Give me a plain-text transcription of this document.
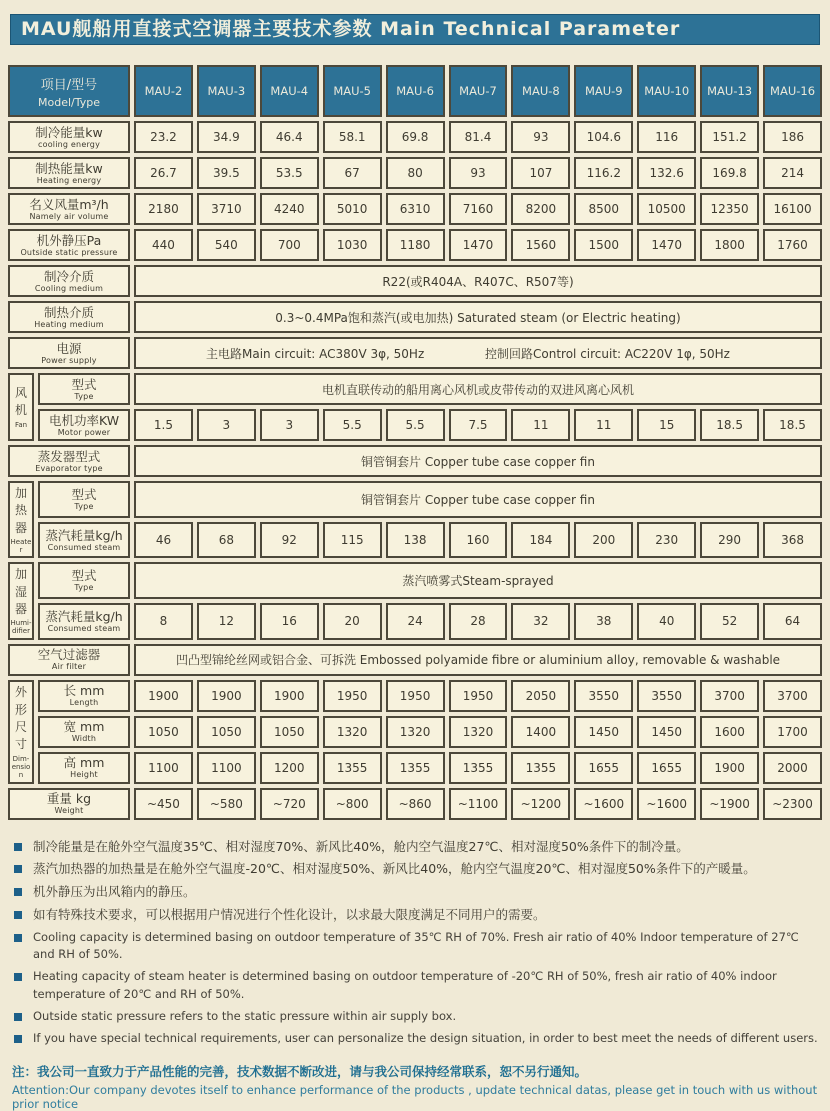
MAU舰船用直接式空调器主要技术参数 Main Technical Parameter
项目/型号
Model/Type		MAU-2	MAU-3	MAU-4	MAU-5	MAU-6	MAU-7	MAU-8	MAU-9	MAU-10	MAU-13	MAU-16

制冷能量kw
cooling energy		23.2	34.9	46.4	58.1	69.8	81.4	93	104.6	116	151.2	186

制热能量kw
Heating energy		26.7	39.5	53.5	67	80	93	107	116.2	132.6	169.8	214

名义风量m³/h
Namely air volume		2180	3710	4240	5010	6310	7160	8200	8500	10500	12350	16100

机外静压Pa
Outside static pressure		440	540	700	1030	1180	1470	1560	1500	1470	1800	1760

制冷介质
Cooling medium		R22(或R404A、R407C、R507等)										

制热介质
Heating medium		0.3~0.4MPa饱和蒸汽(或电加热) Saturated steam (or Electric heating)										

电源
Power supply	主电路Main circuit: AC380V 3φ, 50Hz	控制回路Control circuit: AC220V 1φ, 50Hz

风机
Fan

型式
Type	电机直联传动的船用离心风机或皮带传动的双进风离心风机

	电机功率KW
Motor power	1.5	3	3	5.5	5.5	7.5	11	11	15	18.5	18.5

蒸发器型式
Evaporator type		铜管铜套片 Copper tube case copper fin										

加热器
Heater

型式
Type	铜管铜套片 Copper tube case copper fin

	蒸汽耗量kg/h
Consumed steam	46	68	92	115	138	160	184	200	230	290	368

加湿器
Humi-difier

型式
Type	蒸汽喷雾式Steam-sprayed

	蒸汽耗量kg/h
Consumed steam	8	12	16	20	24	28	32	38	40	52	64

空气过滤器
Air filter		凹凸型锦纶丝网或铝合金、可拆洗 Embossed polyamide fibre or aluminium alloy, removable & washable										

外形尺寸
Dim-ension

长 mm
Length
	1900	1900	1900	1950	1950	1950	2050	3550	3550	3700	3700

	宽 mm
Width	1050	1050	1050	1320	1320	1320	1400	1450	1450	1600	1700

	高 mm
Height	1100	1100	1200	1355	1355	1355	1355	1655	1655	1900	2000

重量 kg
Weight		~450	~580	~720	~800	~860	~1100	~1200	~1600	~1600	~1900	~2300
制冷能量是在舱外空气温度35℃、相对湿度70%、新风比40%，舱内空气温度27℃、相对湿度50%条件下的制冷量。
蒸汽加热器的加热量是在舱外空气温度-20℃、相对湿度50%、新风比40%，舱内空气温度20℃、相对湿度50%条件下的产暖量。
机外静压为出风箱内的静压。
如有特殊技术要求，可以根据用户情况进行个性化设计，以求最大限度满足不同用户的需要。
Cooling capacity is determined basing on outdoor temperature of 35℃ RH of 70%. Fresh air ratio of 40% Indoor temperature of 27℃ and RH of 50%.
Heating capacity of steam heater is determined basing on outdoor temperature of -20℃ RH of 50%, fresh air ratio of 40% indoor temperature of 20℃ and RH of 50%.
Outside static pressure refers to the static pressure within air supply box.
If you have special technical requirements, user can personalize the design situation, in order to best meet the needs of different users.
注：我公司一直致力于产品性能的完善，技术数据不断改进，请与我公司保持经常联系，恕不另行通知。
Attention:Our company devotes itself to enhance performance of the products , update technical datas, please get in touch with us without prior notice
